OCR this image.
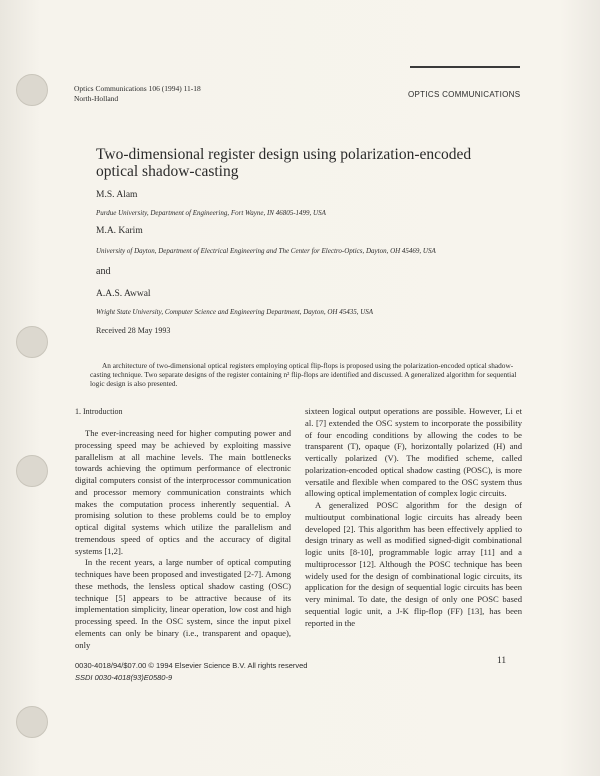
Optics Communications 106 (1994) 11-18
North-Holland	OPTICS COMMUNICATIONS
Two-dimensional register design using polarization-encoded optical shadow-casting
M.S. Alam
Purdue University, Department of Engineering, Fort Wayne, IN 46805-1499, USA
M.A. Karim
University of Dayton, Department of Electrical Engineering and The Center for Electro-Optics, Dayton, OH 45469, USA
and
A.A.S. Awwal
Wright State University, Computer Science and Engineering Department, Dayton, OH 45435, USA
Received 28 May 1993

An architecture of two-dimensional optical registers employing optical flip-flops is proposed using the polarization-encoded optical shadow-casting technique. Two separate designs of the register containing n² flip-flops are identified and discussed. A generalized algorithm for sequential logic design is also presented.

1. Introduction

The ever-increasing need for higher computing power and processing speed may be achieved by exploiting massive parallelism at all machine levels. The main bottlenecks towards achieving the optimum performance of electronic digital computers consist of the interprocessor communication and processor memory communication constraints which makes the computation process inherently sequential. A promising solution to these problems could be to employ optical digital systems which utilize the parallelism and tremendous speed of optics and the accuracy of digital systems [1,2].

In the recent years, a large number of optical computing techniques have been proposed and investigated [2-7]. Among these methods, the lensless optical shadow casting (OSC) technique [5] appears to be attractive because of its implementation simplicity, linear operation, low cost and high processing speed. In the OSC system, since the input pixel elements can only be binary (i.e., transparent and opaque), only

sixteen logical output operations are possible. However, Li et al. [7] extended the OSC system to incorporate the possibility of four encoding conditions by allowing the codes to be transparent (T), opaque (F), horizontally polarized (H) and vertically polarized (V). The modified scheme, called polarization-encoded optical shadow casting (POSC), is more versatile and flexible when compared to the OSC system thus allowing optical implementation of complex logic circuits.

A generalized POSC algorithm for the design of multioutput combinational logic circuits has already been developed [2]. This algorithm has been effectively applied to design trinary as well as modified signed-digit combinational logic units [8-10], programmable logic array [11] and a multiprocessor [12]. Although the POSC technique has been widely used for the design of combinational logic circuits, its application for the design of sequential logic circuits has been very minimal. To date, the design of only one POSC based sequential logic unit, a J-K flip-flop (FF) [13], has been reported in the

0030-4018/94/$07.00 © 1994 Elsevier Science B.V. All rights reserved
SSDI 0030-4018(93)E0580-9
11
